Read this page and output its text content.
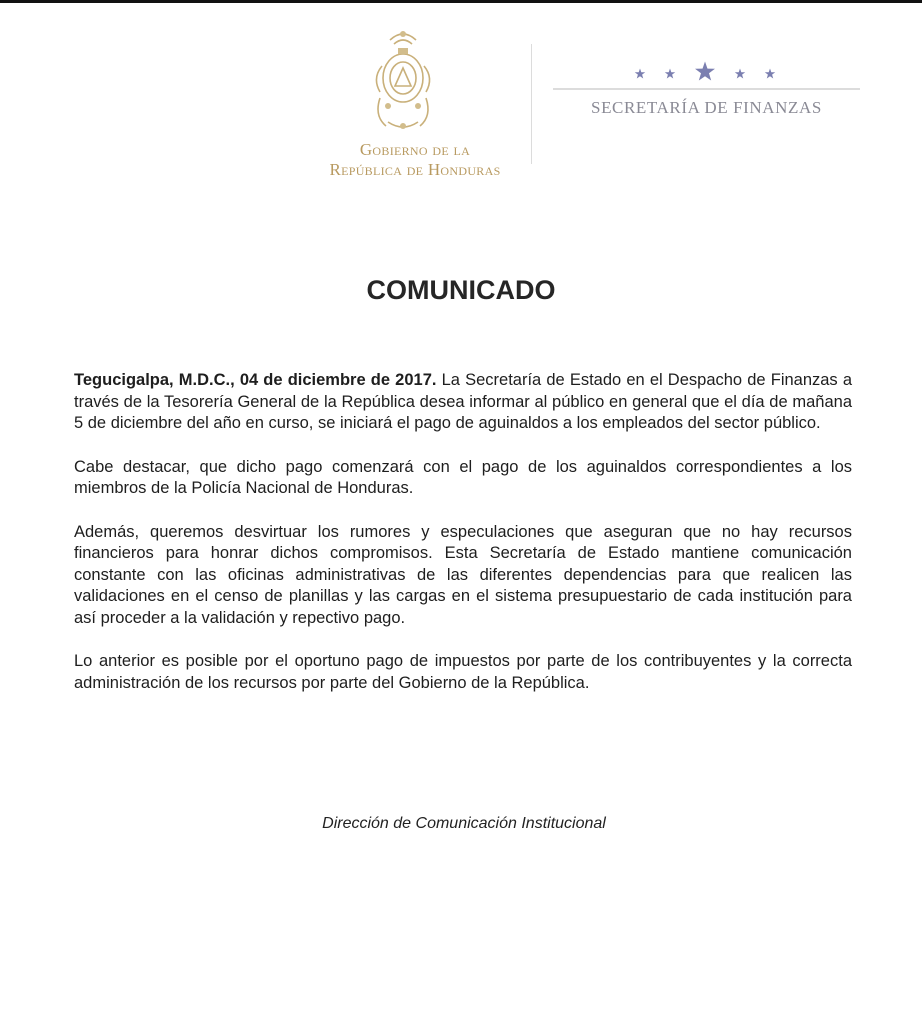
Gobierno de la
República de Honduras
SECRETARÍA DE FINANZAS
COMUNICADO

Tegucigalpa, M.D.C., 04 de diciembre de 2017. La Secretaría de Estado en el Despacho de Finanzas a través de la Tesorería General de la República desea informar al público en general que el día de mañana 5 de diciembre del año en curso, se iniciará el pago de aguinaldos a los empleados del sector público.

Cabe destacar, que dicho pago comenzará con el pago de los aguinaldos correspondientes a los miembros de la Policía Nacional de Honduras.

Además, queremos desvirtuar los rumores y especulaciones que aseguran que no hay recursos financieros para honrar dichos compromisos. Esta Secretaría de Estado mantiene comunicación constante con las oficinas administrativas de las diferentes dependencias para que realicen las validaciones en el censo de planillas y las cargas en el sistema presupuestario de cada institución para así proceder a la validación y repectivo pago.

Lo anterior es posible por el oportuno pago de impuestos por parte de los contribuyentes y la correcta administración de los recursos por parte del Gobierno de la República.

Dirección de Comunicación Institucional
